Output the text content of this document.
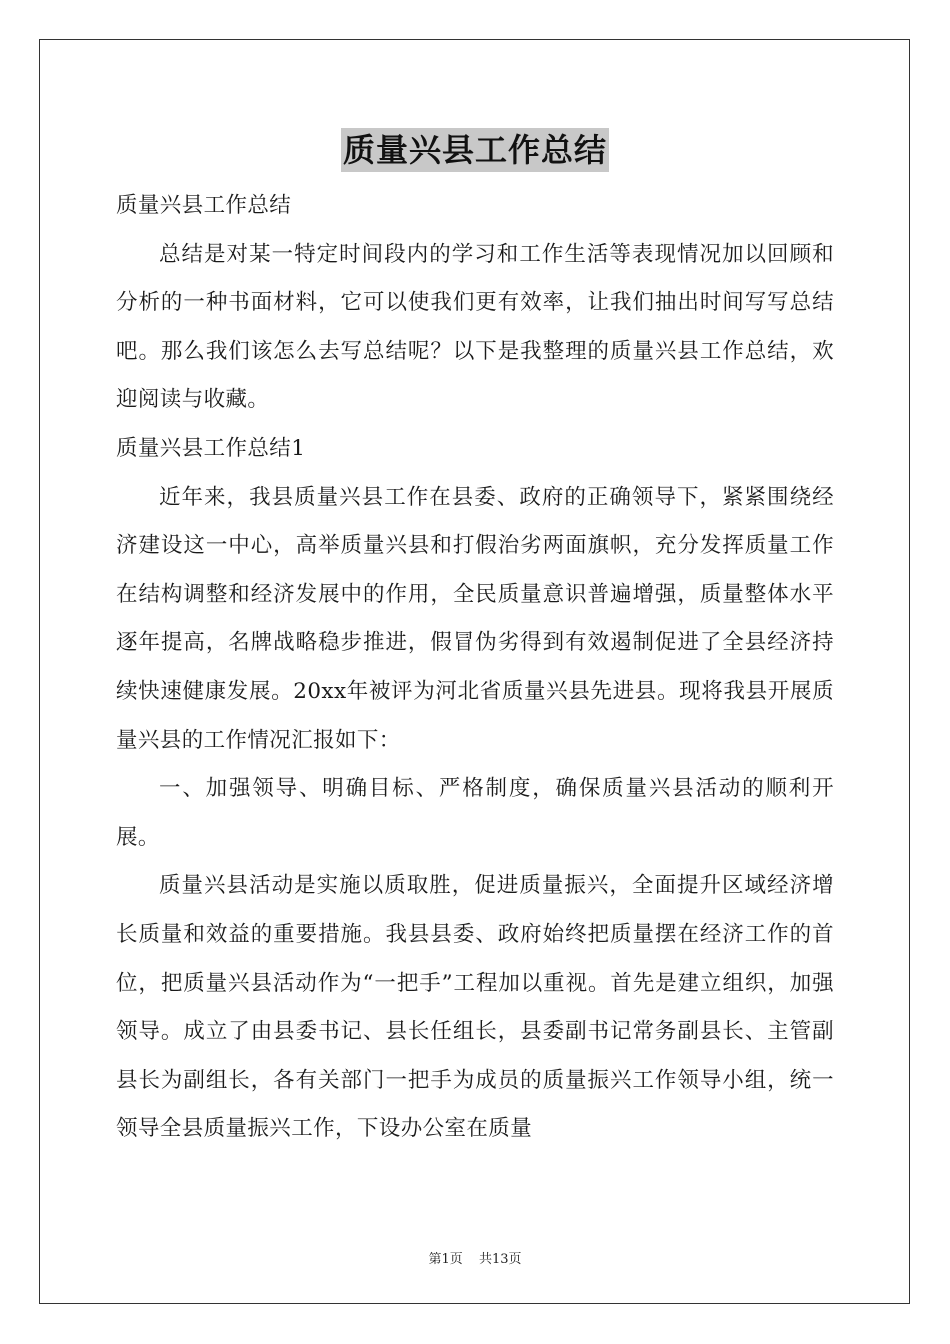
质量兴县工作总结

质量兴县工作总结

总结是对某一特定时间段内的学习和工作生活等表现情况加以回顾和分析的一种书面材料，它可以使我们更有效率，让我们抽出时间写写总结吧。那么我们该怎么去写总结呢？以下是我整理的质量兴县工作总结，欢迎阅读与收藏。

质量兴县工作总结1

近年来，我县质量兴县工作在县委、政府的正确领导下，紧紧围绕经济建设这一中心，高举质量兴县和打假治劣两面旗帜，充分发挥质量工作在结构调整和经济发展中的作用，全民质量意识普遍增强，质量整体水平逐年提高，名牌战略稳步推进，假冒伪劣得到有效遏制促进了全县经济持续快速健康发展。20xx年被评为河北省质量兴县先进县。现将我县开展质量兴县的工作情况汇报如下：

一、加强领导、明确目标、严格制度，确保质量兴县活动的顺利开展。

质量兴县活动是实施以质取胜，促进质量振兴，全面提升区域经济增长质量和效益的重要措施。我县县委、政府始终把质量摆在经济工作的首位，把质量兴县活动作为“一把手”工程加以重视。首先是建立组织，加强领导。成立了由县委书记、县长任组长，县委副书记常务副县长、主管副县长为副组长，各有关部门一把手为成员的质量振兴工作领导小组，统一领导全县质量振兴工作，下设办公室在质量

第1页 共13页
